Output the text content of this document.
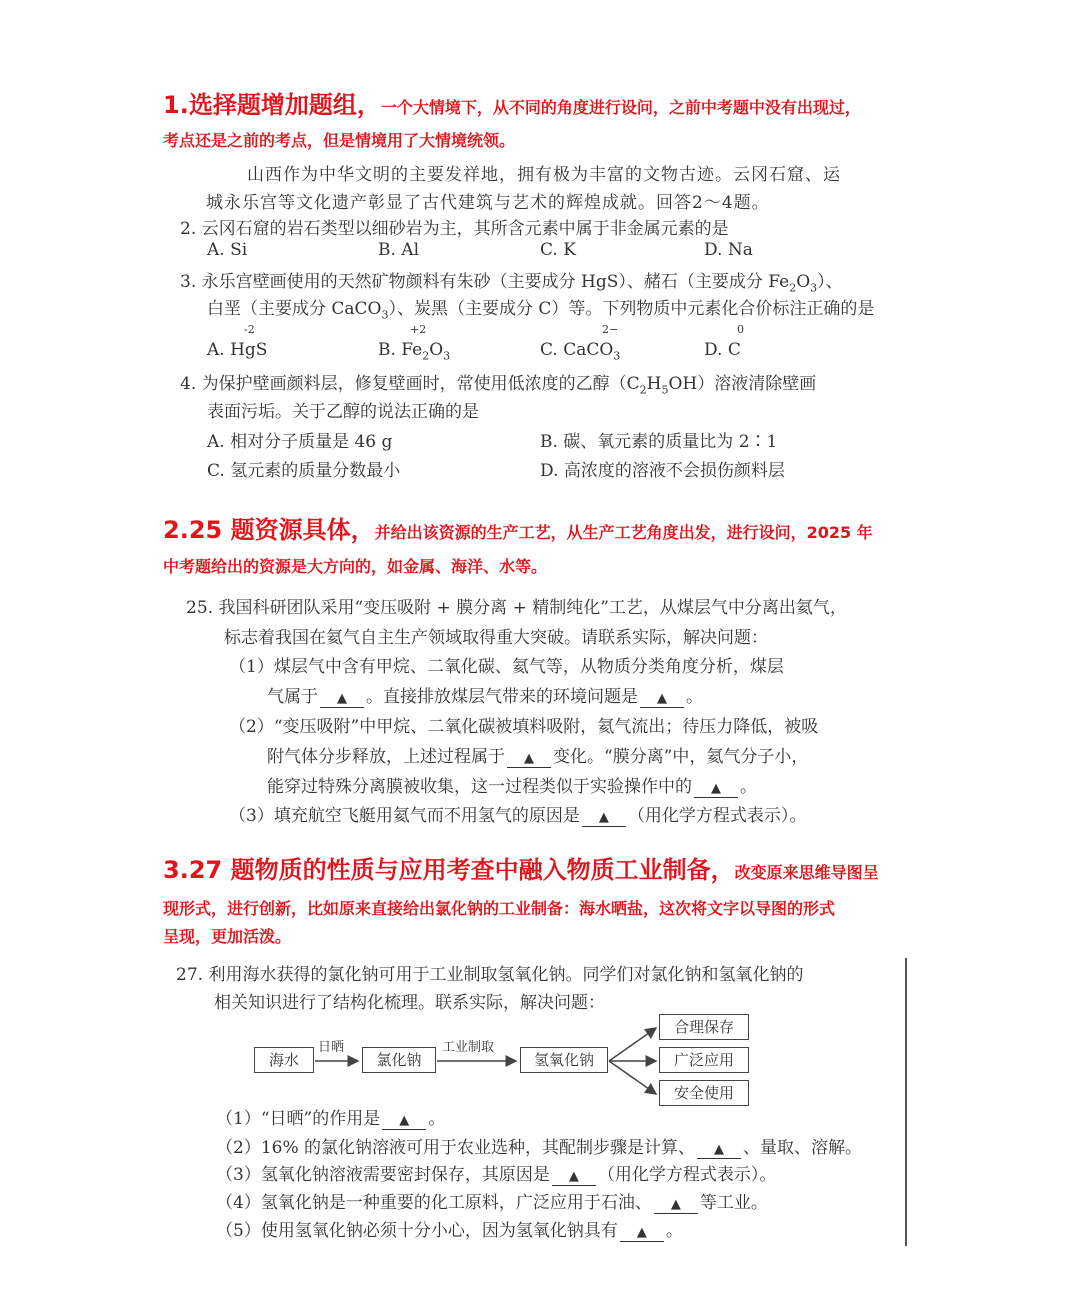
1.选择题增加题组，一个大情境下，从不同的角度进行设问，之前中考题中没有出现过，
考点还是之前的考点，但是情境用了大情境统领。
山西作为中华文明的主要发祥地，拥有极为丰富的文物古迹。云冈石窟、运
城永乐宫等文化遗产彰显了古代建筑与艺术的辉煌成就。回答2～4题。
2. 云冈石窟的岩石类型以细砂岩为主，其所含元素中属于非金属元素的是
A. Si	B. Al	C. K	D. Na
3. 永乐宫壁画使用的天然矿物颜料有朱砂（主要成分 HgS）、赭石（主要成分 $Fe_2O_3$）、
白垩（主要成分 CaCO$_3$）、炭黑（主要成分 C）等。下列物质中元素化合价标注正确的是
-2	+2	2−	0
A. HgS	B. $Fe_2O_3$	C. CaCO$_3$	D. C
4. 为保护壁画颜料层，修复壁画时，常使用低浓度的乙醇$(C_2H_5OH)$溶液清除壁画
表面污垢。关于乙醇的说法正确的是
A. 相对分子质量是 46 g	B. 碳、氧元素的质量比为 2∶1
C. 氢元素的质量分数最小	D. 高浓度的溶液不会损伤颜料层
2.25 题资源具体，并给出该资源的生产工艺，从生产工艺角度出发，进行设问，2025 年
中考题给出的资源是大方向的，如金属、海洋、水等。
25. 我国科研团队采用“变压吸附 + 膜分离 + 精制纯化”工艺，从煤层气中分离出氦气，
标志着我国在氦气自主生产领域取得重大突破。请联系实际，解决问题：
（1）煤层气中含有甲烷、二氧化碳、氦气等，从物质分类角度分析，煤层
气属于 ▲ 。直接排放煤层气带来的环境问题是 ▲ 。
（2）“变压吸附”中甲烷、二氧化碳被填料吸附，氦气流出；待压力降低，被吸
附气体分步释放，上述过程属于 ▲ 变化。“膜分离”中，氦气分子小，
能穿过特殊分离膜被收集，这一过程类似于实验操作中的 ▲ 。
（3）填充航空飞艇用氦气而不用氢气的原因是 ▲ （用化学方程式表示）。
3.27 题物质的性质与应用考查中融入物质工业制备，改变原来思维导图呈
现形式，进行创新，比如原来直接给出氯化钠的工业制备：海水晒盐，这次将文字以导图的形式
呈现，更加活泼。
27. 利用海水获得的氯化钠可用于工业制取氢氧化钠。同学们对氯化钠和氢氧化钠的
相关知识进行了结构化梳理。联系实际，解决问题：
海水
日晒
氯化钠
工业制取
氢氧化钠
合理保存
广泛应用
安全使用
（1）“日晒”的作用是 ▲ 。
（2）16% 的氯化钠溶液可用于农业选种，其配制步骤是计算、 ▲ 、量取、溶解。
（3）氢氧化钠溶液需要密封保存，其原因是 ▲ （用化学方程式表示）。
（4）氢氧化钠是一种重要的化工原料，广泛应用于石油、 ▲ 等工业。
（5）使用氢氧化钠必须十分小心，因为氢氧化钠具有 ▲ 。
